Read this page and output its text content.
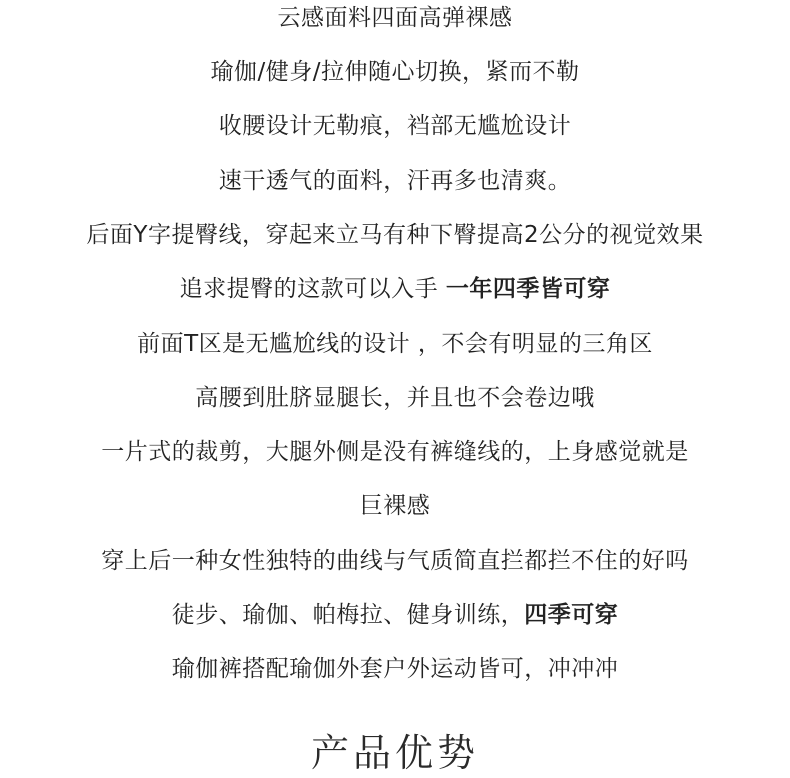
云感面料四面高弹裸感
瑜伽/健身/拉伸随心切换，紧而不勒
收腰设计无勒痕，裆部无尴尬设计
速干透气的面料，汗再多也清爽。
后面Y字提臀线，穿起来立马有种下臀提高2公分的视觉效果
追求提臀的这款可以入手 一年四季皆可穿
前面T区是无尴尬线的设计 ，不会有明显的三角区
高腰到肚脐显腿长，并且也不会卷边哦
一片式的裁剪，大腿外侧是没有裤缝线的，上身感觉就是
巨裸感
穿上后一种女性独特的曲线与气质简直拦都拦不住的好吗
徒步、瑜伽、帕梅拉、健身训练，四季可穿
瑜伽裤搭配瑜伽外套户外运动皆可，冲冲冲
产品优势
